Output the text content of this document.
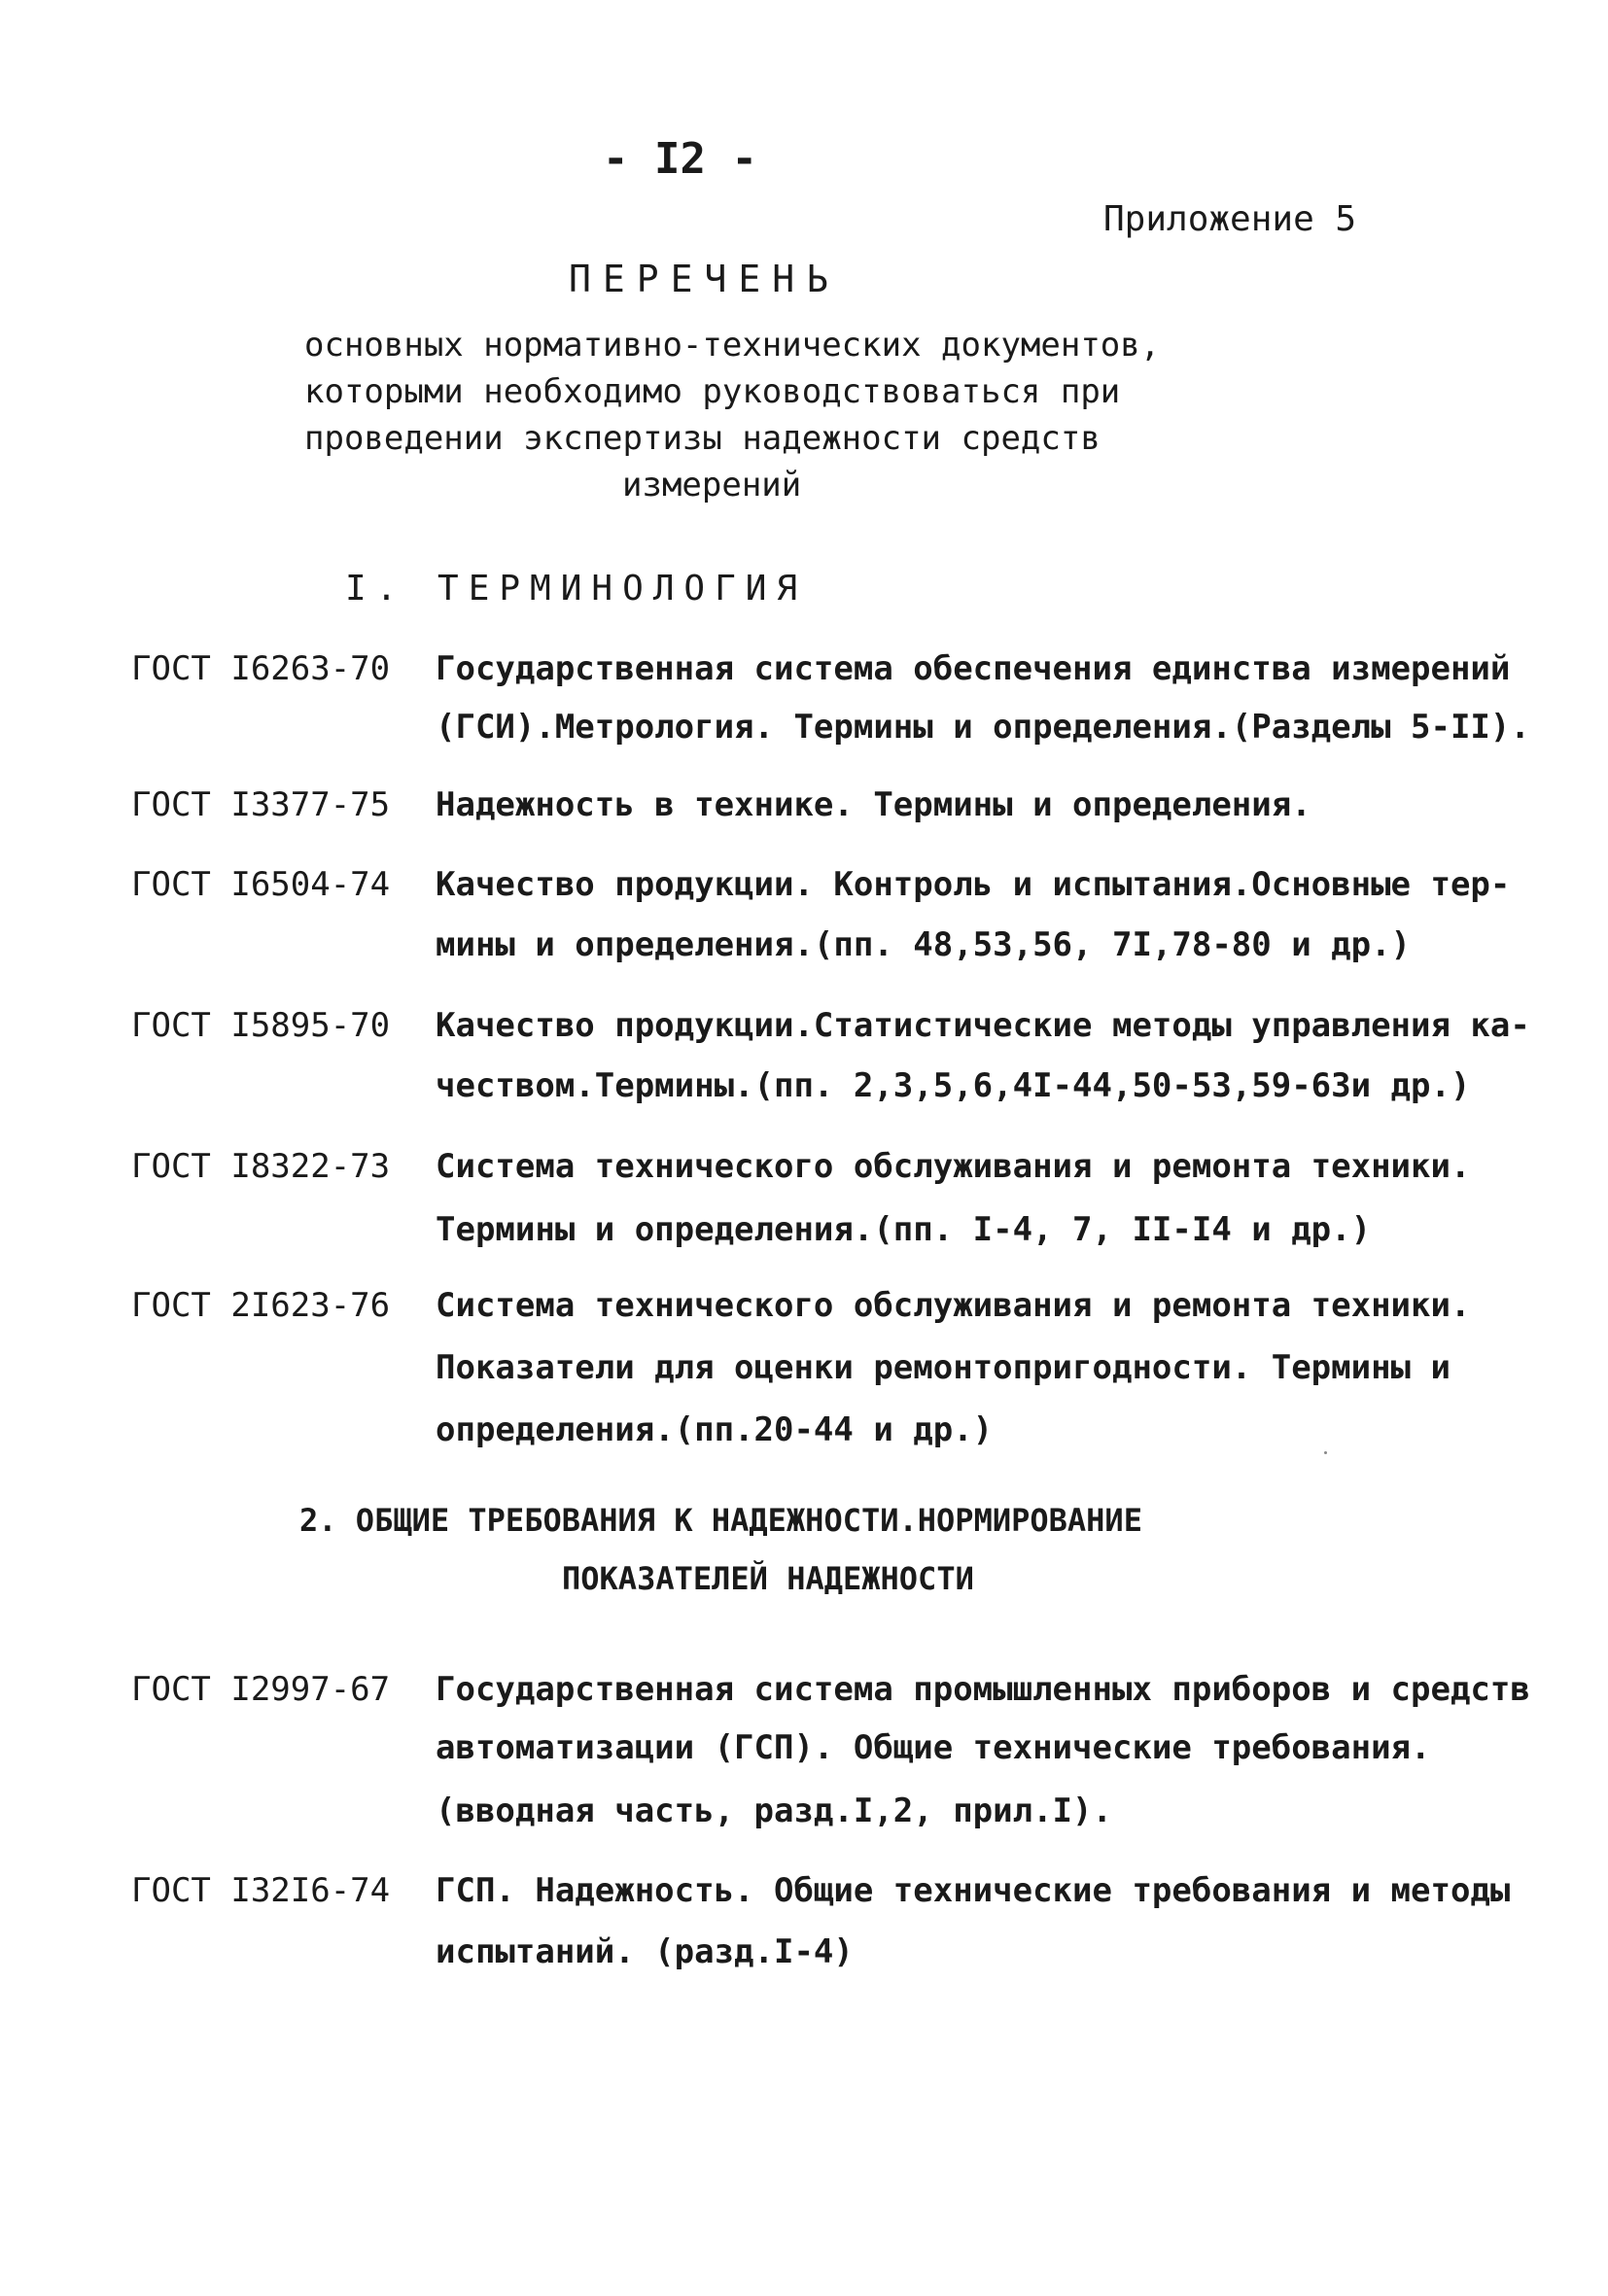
- I2 -
Приложение 5
ПЕРЕЧЕНЬ
основных нормативно-технических документов,
которыми необходимо руководствоваться при
проведении экспертизы надежности средств
измерений
I. ТЕРМИНОЛОГИЯ
ГОСТ I6263-70 Государственная система обеспечения единства измерений
(ГСИ).Метрология. Термины и определения.(Разделы 5-II).
ГОСТ I3377-75 Надежность в технике. Термины и определения.
ГОСТ I6504-74 Качество продукции. Контроль и испытания.Основные тер-
мины и определения.(пп. 48,53,56, 7I,78-80 и др.)
ГОСТ I5895-70 Качество продукции.Статистические методы управления ка-
чеством.Термины.(пп. 2,3,5,6,4I-44,50-53,59-63и др.)
ГОСТ I8322-73 Система технического обслуживания и ремонта техники.
Термины и определения.(пп. I-4, 7, II-I4 и др.)
ГОСТ 2I623-76 Система технического обслуживания и ремонта техники.
Показатели для оценки ремонтопригодности. Термины и
определения.(пп.20-44 и др.)
2. ОБЩИЕ ТРЕБОВАНИЯ К НАДЕЖНОСТИ.НОРМИРОВАНИЕ
ПОКАЗАТЕЛЕЙ НАДЕЖНОСТИ
ГОСТ I2997-67 Государственная система промышленных приборов и средств
автоматизации (ГСП). Общие технические требования.
(вводная часть, разд.I,2, прил.I).
ГОСТ I32I6-74 ГСП. Надежность. Общие технические требования и методы
испытаний. (разд.I-4)
